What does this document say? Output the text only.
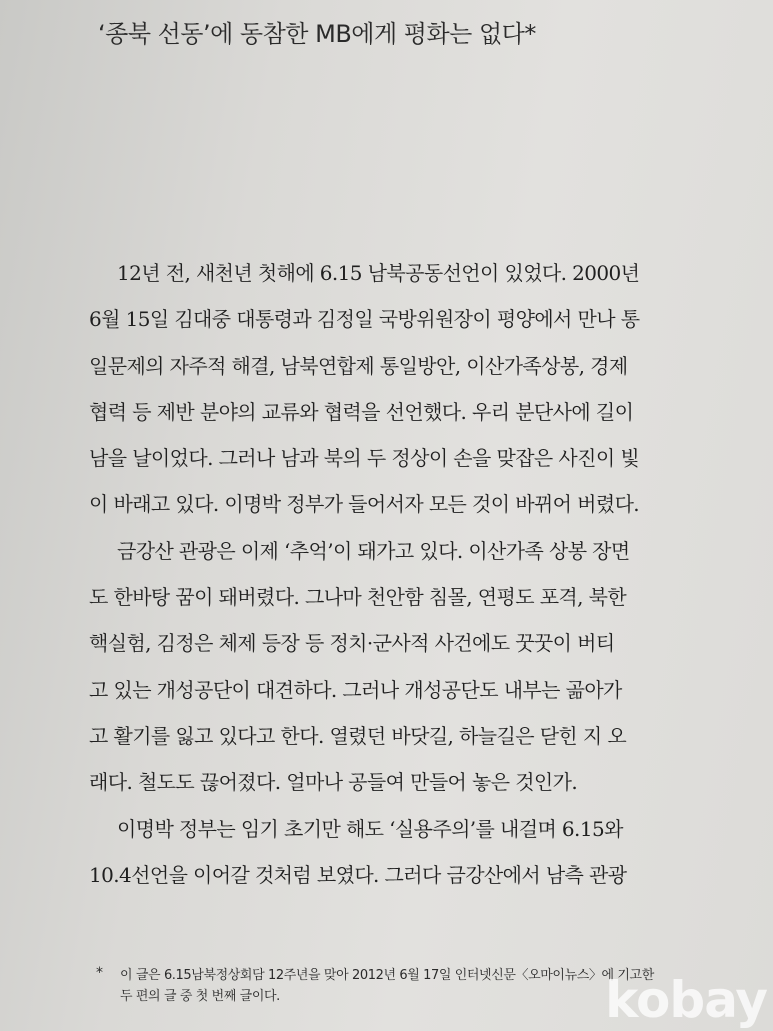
‘종북 선동’에 동참한 MB에게 평화는 없다*
12년 전, 새천년 첫해에 6.15 남북공동선언이 있었다. 2000년
6월 15일 김대중 대통령과 김정일 국방위원장이 평양에서 만나 통
일문제의 자주적 해결, 남북연합제 통일방안, 이산가족상봉, 경제
협력 등 제반 분야의 교류와 협력을 선언했다. 우리 분단사에 길이
남을 날이었다. 그러나 남과 북의 두 정상이 손을 맞잡은 사진이 빛
이 바래고 있다. 이명박 정부가 들어서자 모든 것이 바뀌어 버렸다.
금강산 관광은 이제 ‘추억’이 돼가고 있다. 이산가족 상봉 장면
도 한바탕 꿈이 돼버렸다. 그나마 천안함 침몰, 연평도 포격, 북한
핵실험, 김정은 체제 등장 등 정치·군사적 사건에도 꿋꿋이 버티
고 있는 개성공단이 대견하다. 그러나 개성공단도 내부는 곪아가
고 활기를 잃고 있다고 한다. 열렸던 바닷길, 하늘길은 닫힌 지 오
래다. 철도도 끊어졌다. 얼마나 공들여 만들어 놓은 것인가.
이명박 정부는 임기 초기만 해도 ‘실용주의’를 내걸며 6.15와
10.4선언을 이어갈 것처럼 보였다. 그러다 금강산에서 남측 관광
*	이 글은 6.15남북정상회담 12주년을 맞아 2012년 6월 17일 인터넷신문〈오마이뉴스〉에 기고한
두 편의 글 중 첫 번째 글이다.	kobay
